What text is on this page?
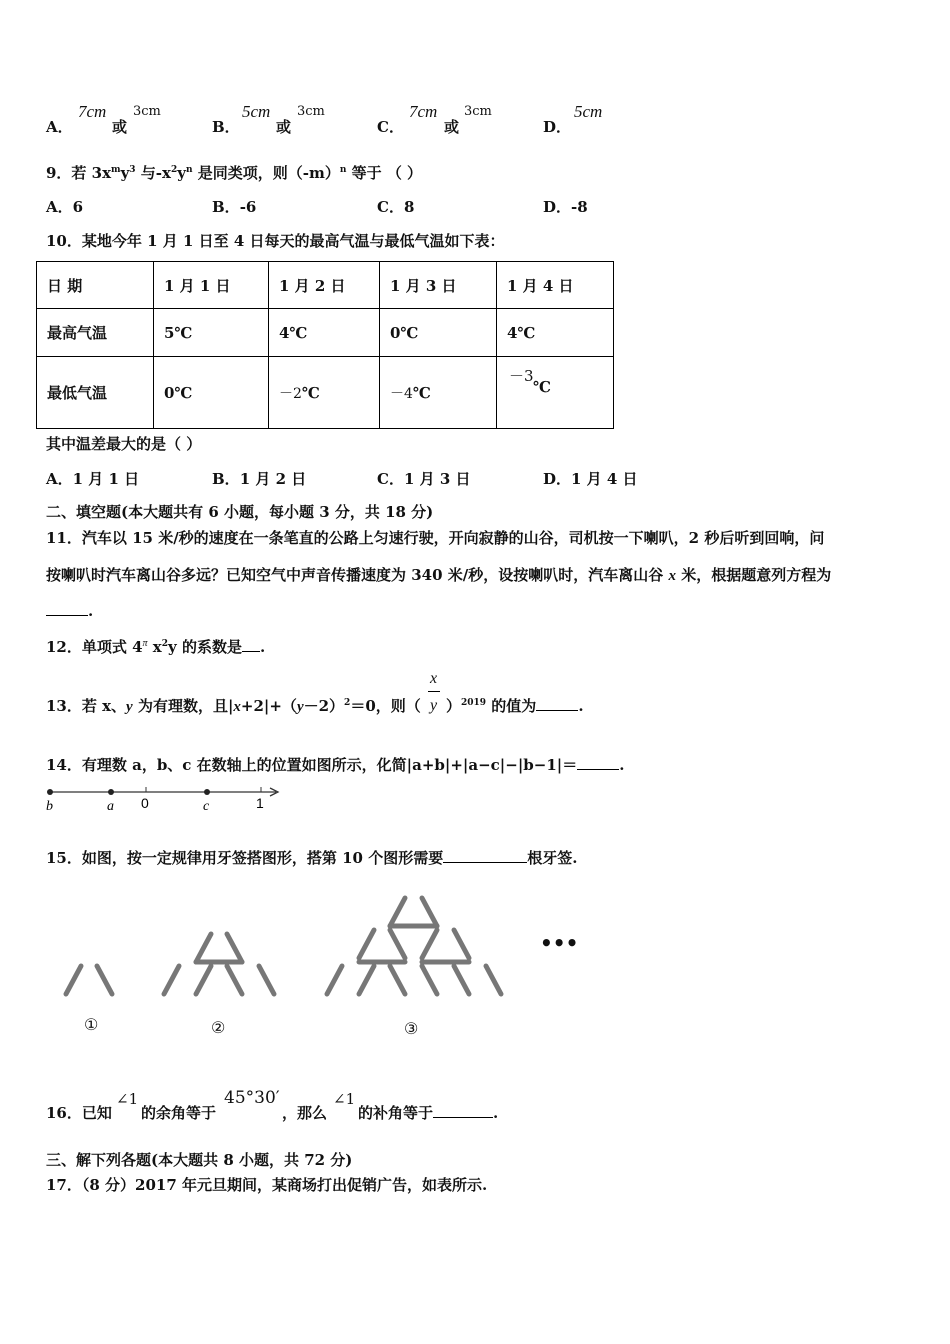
A．
7cm
或
3cm
B．
5cm
或
3cm
C．
7cm
或
3cm
D．
5cm
9．若 $3x^my^3$ 与$-x^2y^n$ 是同类项，则$(-m)^n$ 等于 （ ）
A．6	B．-6	C．8	D．-8
10．某地今年 1 月 1 日至 4 日每天的最高气温与最低气温如下表：
日 期	1 月 1 日	1 月 2 日	1 月 3 日	1 月 4 日
最高气温	5℃	4℃	0℃	4℃
最低气温	0℃	－2℃	－4℃	－3
℃
其中温差最大的是（ ）
A．1 月 1 日	B．1 月 2 日	C．1 月 3 日	D．1 月 4 日
二、填空题(本大题共有 6 小题，每小题 3 分，共 18 分)
11．汽车以 15 米/秒的速度在一条笔直的公路上匀速行驶，开向寂静的山谷，司机按一下喇叭，2 秒后听到回响，问
按喇叭时汽车离山谷多远？已知空气中声音传播速度为 340 米/秒，设按喇叭时，汽车离山谷 x 米，根据题意列方程为
.
12．单项式 $4^\pi$ $x^2y$ 的系数是 .
13．若 x、y 为有理数，且$|x+2|+(y-2)^2=0$，则（
x
y ）$^{2019}$ 的值为	.
14．有理数 a，b、c 在数轴上的位置如图所示，化简|a+b|+|a−c|−|b−1|＝	.
b	a 0	c	1
15．如图，按一定规律用牙签搭图形，搭第 10 个图形需要	根牙签.
•••
①	②	③
16．已知
∠1
的余角等于
45°30′
，那么
∠1
的补角等于	.
三、解下列各题(本大题共 8 小题，共 72 分)
17．（8 分）2017 年元旦期间，某商场打出促销广告，如表所示.
